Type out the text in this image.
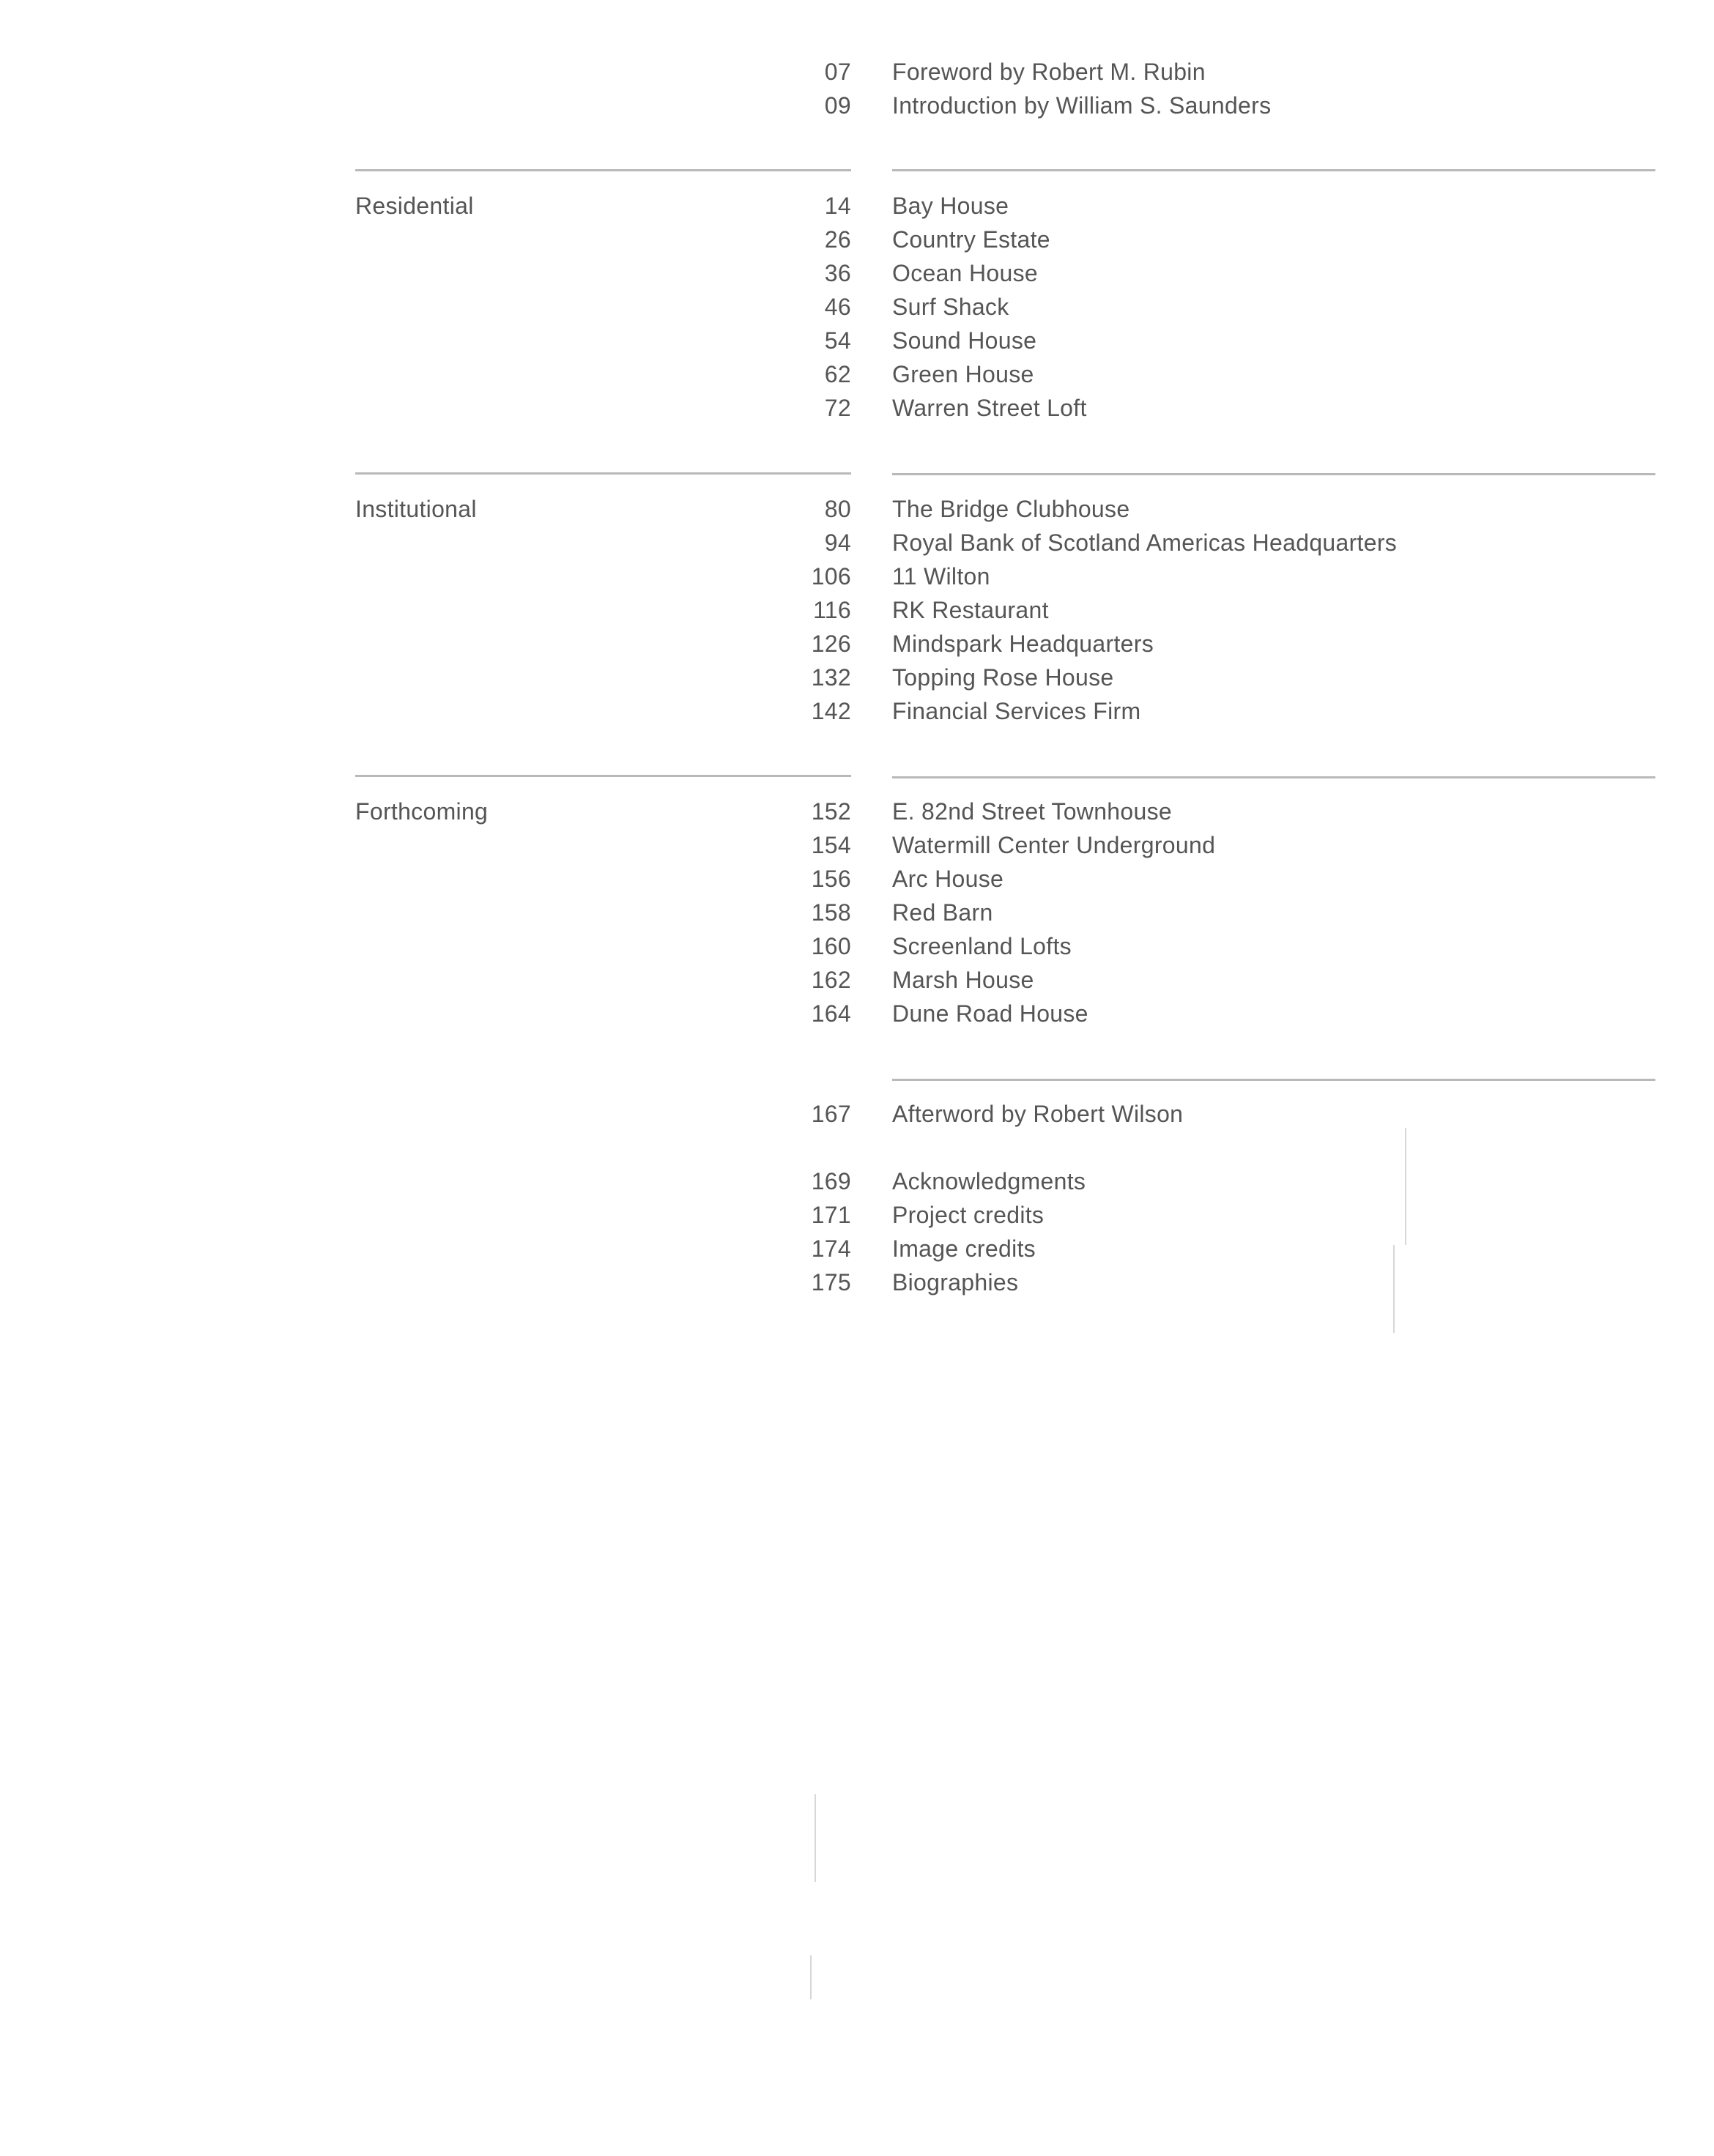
07 Foreword by Robert M. Rubin
09 Introduction by William S. Saunders
Residential	14 Bay House
26 Country Estate
36 Ocean House
46 Surf Shack
54 Sound House
62 Green House
72 Warren Street Loft
Institutional	80 The Bridge Clubhouse
94 Royal Bank of Scotland Americas Headquarters
106 11 Wilton
116 RK Restaurant
126 Mindspark Headquarters
132 Topping Rose House
142 Financial Services Firm
Forthcoming	152 E. 82nd Street Townhouse
154 Watermill Center Underground
156 Arc House
158 Red Barn
160 Screenland Lofts
162 Marsh House
164 Dune Road House
167 Afterword by Robert Wilson
169 Acknowledgments
171 Project credits
174 Image credits
175 Biographies
